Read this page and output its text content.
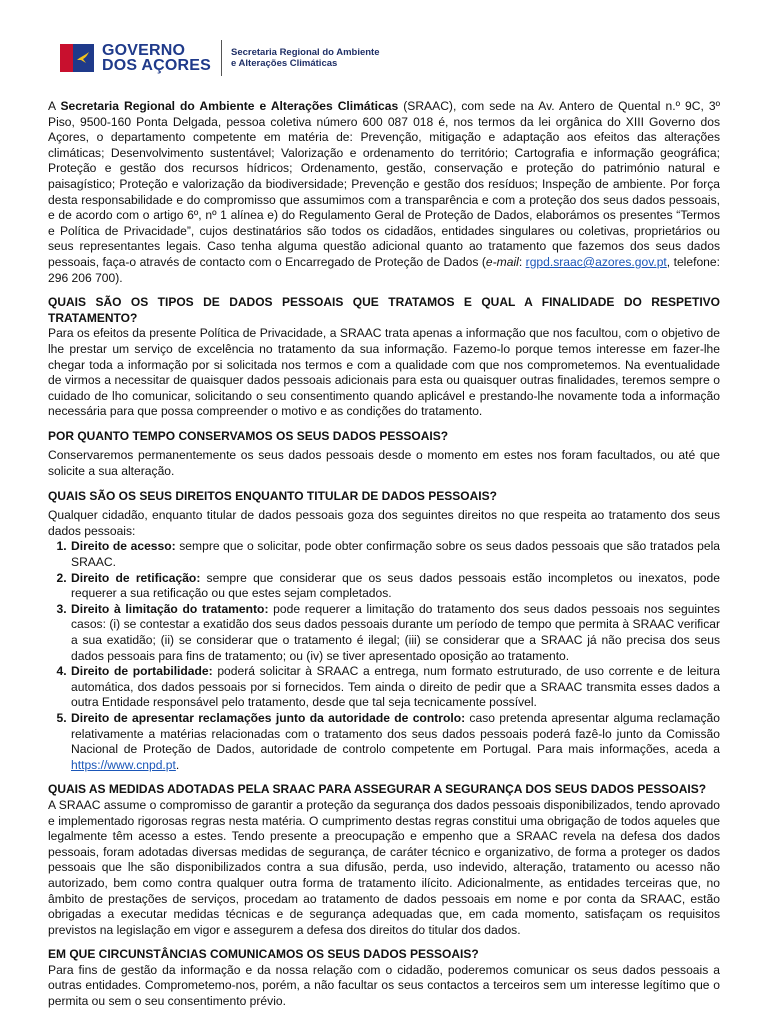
GOVERNO
DOS AÇORES
Secretaria Regional do Ambiente
e Alterações Climáticas

A Secretaria Regional do Ambiente e Alterações Climáticas (SRAAC), com sede na Av. Antero de Quental n.º 9C, 3º Piso, 9500-160 Ponta Delgada, pessoa coletiva número 600 087 018 é, nos termos da lei orgânica do XIII Governo dos Açores, o departamento competente em matéria de: Prevenção, mitigação e adaptação aos efeitos das alterações climáticas; Desenvolvimento sustentável; Valorização e ordenamento do território; Cartografia e informação geográfica; Proteção e gestão dos recursos hídricos; Ordenamento, gestão, conservação e proteção do património natural e paisagístico; Proteção e valorização da biodiversidade; Prevenção e gestão dos resíduos; Inspeção de ambiente. Por força desta responsabilidade e do compromisso que assumimos com a transparência e com a proteção dos seus dados pessoais, e de acordo com o artigo 6º, nº 1 alínea e) do Regulamento Geral de Proteção de Dados, elaborámos os presentes “Termos e Política de Privacidade”, cujos destinatários são todos os cidadãos, entidades singulares ou coletivas, proprietários ou seus representantes legais. Caso tenha alguma questão adicional quanto ao tratamento que fazemos dos seus dados pessoais, faça-o através de contacto com o Encarregado de Proteção de Dados (e-mail: rgpd.sraac@azores.gov.pt, telefone: 296 206 700).

QUAIS SÃO OS TIPOS DE DADOS PESSOAIS QUE TRATAMOS E QUAL A FINALIDADE DO RESPETIVO TRATAMENTO?

Para os efeitos da presente Política de Privacidade, a SRAAC trata apenas a informação que nos facultou, com o objetivo de lhe prestar um serviço de excelência no tratamento da sua informação. Fazemo-lo porque temos interesse em fazer-lhe chegar toda a informação por si solicitada nos termos e com a qualidade com que nos comprometemos. Na eventualidade de virmos a necessitar de quaisquer dados pessoais adicionais para esta ou quaisquer outras finalidades, teremos sempre o cuidado de lho comunicar, solicitando o seu consentimento quando aplicável e prestando-lhe novamente toda a informação necessária para que possa compreender o motivo e as condições do tratamento.

POR QUANTO TEMPO CONSERVAMOS OS SEUS DADOS PESSOAIS?

Conservaremos permanentemente os seus dados pessoais desde o momento em estes nos foram facultados, ou até que solicite a sua alteração.

QUAIS SÃO OS SEUS DIREITOS ENQUANTO TITULAR DE DADOS PESSOAIS?

Qualquer cidadão, enquanto titular de dados pessoais goza dos seguintes direitos no que respeita ao tratamento dos seus dados pessoais:

1. Direito de acesso: sempre que o solicitar, pode obter confirmação sobre os seus dados pessoais que são tratados pela SRAAC.
2. Direito de retificação: sempre que considerar que os seus dados pessoais estão incompletos ou inexatos, pode requerer a sua retificação ou que estes sejam completados.
3. Direito à limitação do tratamento: pode requerer a limitação do tratamento dos seus dados pessoais nos seguintes casos: (i) se contestar a exatidão dos seus dados pessoais durante um período de tempo que permita à SRAAC verificar a sua exatidão; (ii) se considerar que o tratamento é ilegal; (iii) se considerar que a SRAAC já não precisa dos seus dados pessoais para fins de tratamento; ou (iv) se tiver apresentado oposição ao tratamento.
4. Direito de portabilidade: poderá solicitar à SRAAC a entrega, num formato estruturado, de uso corrente e de leitura automática, dos dados pessoais por si fornecidos. Tem ainda o direito de pedir que a SRAAC transmita esses dados a outra Entidade responsável pelo tratamento, desde que tal seja tecnicamente possível.
5. Direito de apresentar reclamações junto da autoridade de controlo: caso pretenda apresentar alguma reclamação relativamente a matérias relacionadas com o tratamento dos seus dados pessoais poderá fazê-lo junto da Comissão Nacional de Proteção de Dados, autoridade de controlo competente em Portugal. Para mais informações, aceda a https://www.cnpd.pt.
QUAIS AS MEDIDAS ADOTADAS PELA SRAAC PARA ASSEGURAR A SEGURANÇA DOS SEUS DADOS PESSOAIS?

A SRAAC assume o compromisso de garantir a proteção da segurança dos dados pessoais disponibilizados, tendo aprovado e implementado rigorosas regras nesta matéria. O cumprimento destas regras constitui uma obrigação de todos aqueles que legalmente têm acesso a estes. Tendo presente a preocupação e empenho que a SRAAC revela na defesa dos dados pessoais, foram adotadas diversas medidas de segurança, de caráter técnico e organizativo, de forma a proteger os dados pessoais que lhe são disponibilizados contra a sua difusão, perda, uso indevido, alteração, tratamento ou acesso não autorizado, bem como contra qualquer outra forma de tratamento ilícito. Adicionalmente, as entidades terceiras que, no âmbito de prestações de serviços, procedam ao tratamento de dados pessoais em nome e por conta da SRAAC, estão obrigadas a executar medidas técnicas e de segurança adequadas que, em cada momento, satisfaçam os requisitos previstos na legislação em vigor e assegurem a defesa dos direitos do titular dos dados.

EM QUE CIRCUNSTÂNCIAS COMUNICAMOS OS SEUS DADOS PESSOAIS?

Para fins de gestão da informação e da nossa relação com o cidadão, poderemos comunicar os seus dados pessoais a outras entidades. Comprometemo-nos, porém, a não facultar os seus contactos a terceiros sem um interesse legítimo que o permita ou sem o seu consentimento prévio.
